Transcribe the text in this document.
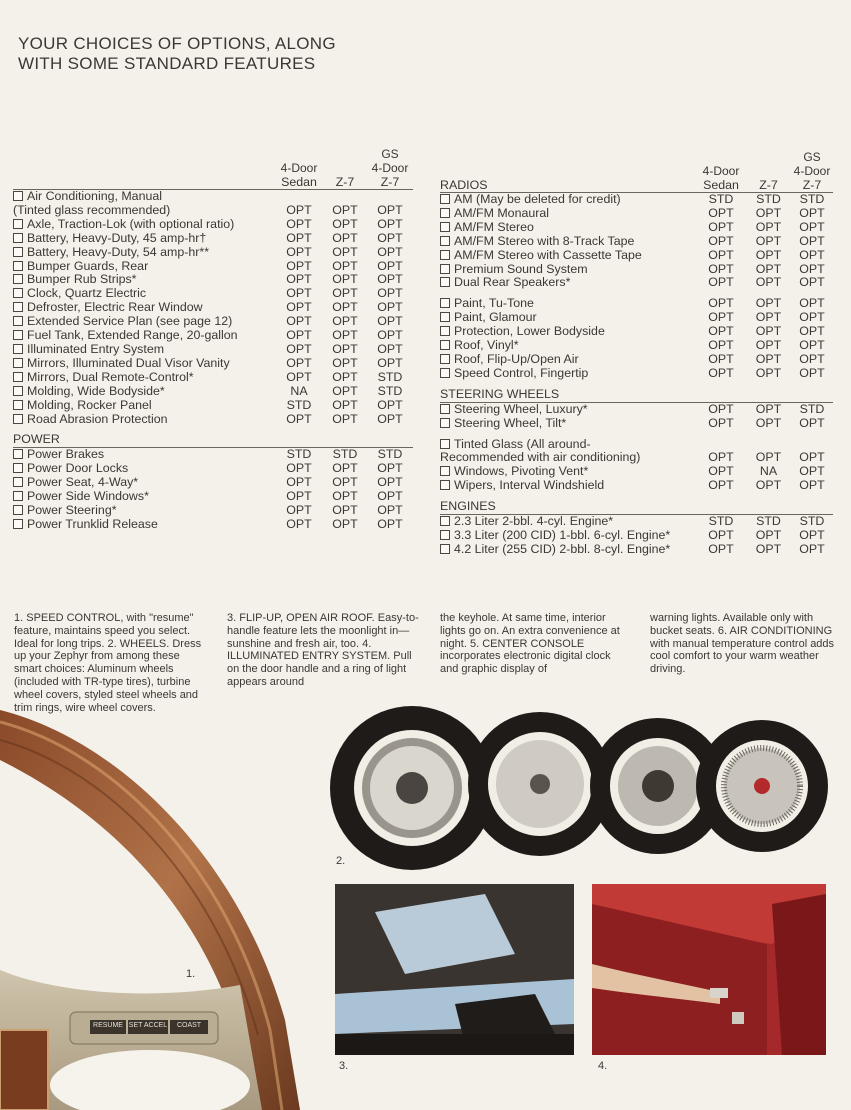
YOUR CHOICES OF OPTIONS, ALONG
WITH SOME STANDARD FEATURES
			GS
	4-Door		4-Door
	Sedan	Z-7	Z-7
Air Conditioning, Manual			
(Tinted glass recommended)	OPT	OPT	OPT
Axle, Traction-Lok (with optional ratio)	OPT	OPT	OPT
Battery, Heavy-Duty, 45 amp-hr†	OPT	OPT	OPT
Battery, Heavy-Duty, 54 amp-hr**	OPT	OPT	OPT
Bumper Guards, Rear	OPT	OPT	OPT
Bumper Rub Strips*	OPT	OPT	OPT
Clock, Quartz Electric	OPT	OPT	OPT
Defroster, Electric Rear Window	OPT	OPT	OPT
Extended Service Plan (see page 12)	OPT	OPT	OPT
Fuel Tank, Extended Range, 20-gallon	OPT	OPT	OPT
Illuminated Entry System	OPT	OPT	OPT
Mirrors, Illuminated Dual Visor Vanity	OPT	OPT	OPT
Mirrors, Dual Remote-Control*	OPT	OPT	STD
Molding, Wide Bodyside*	NA	OPT	STD
Molding, Rocker Panel	STD	OPT	OPT
Road Abrasion Protection	OPT	OPT	OPT
POWER			
Power Brakes	STD	STD	STD
Power Door Locks	OPT	OPT	OPT
Power Seat, 4-Way*	OPT	OPT	OPT
Power Side Windows*	OPT	OPT	OPT
Power Steering*	OPT	OPT	OPT
Power Trunklid Release	OPT	OPT	OPT
			GS
	4-Door		4-Door
RADIOS	Sedan	Z-7	Z-7
AM (May be deleted for credit)	STD	STD	STD
AM/FM Monaural	OPT	OPT	OPT
AM/FM Stereo	OPT	OPT	OPT
AM/FM Stereo with 8-Track Tape	OPT	OPT	OPT
AM/FM Stereo with Cassette Tape	OPT	OPT	OPT
Premium Sound System	OPT	OPT	OPT
Dual Rear Speakers*	OPT	OPT	OPT

Paint, Tu-Tone	OPT	OPT	OPT
Paint, Glamour	OPT	OPT	OPT
Protection, Lower Bodyside	OPT	OPT	OPT
Roof, Vinyl*	OPT	OPT	OPT
Roof, Flip-Up/Open Air	OPT	OPT	OPT
Speed Control, Fingertip	OPT	OPT	OPT
STEERING WHEELS			
Steering Wheel, Luxury*	OPT	OPT	STD
Steering Wheel, Tilt*	OPT	OPT	OPT

Tinted Glass (All around-			
Recommended with air conditioning)	OPT	OPT	OPT
Windows, Pivoting Vent*	OPT	NA	OPT
Wipers, Interval Windshield	OPT	OPT	OPT
ENGINES			
2.3 Liter 2-bbl. 4-cyl. Engine*	STD	STD	STD
3.3 Liter (200 CID) 1-bbl. 6-cyl. Engine*	OPT	OPT	OPT
4.2 Liter (255 CID) 2-bbl. 8-cyl. Engine*	OPT	OPT	OPT

1. SPEED CONTROL, with "resume" feature, maintains speed you select. Ideal for long trips. 2. WHEELS. Dress up your Zephyr from among these smart choices: Aluminum wheels (included with TR-type tires), turbine wheel covers, styled steel wheels and trim rings, wire wheel covers.

3. FLIP-UP, OPEN AIR ROOF. Easy-to-handle feature lets the moonlight in—sunshine and fresh air, too. 4. ILLUMINATED ENTRY SYSTEM. Pull on the door handle and a ring of light appears around

the keyhole. At same time, interior lights go on. An extra convenience at night. 5. CENTER CONSOLE incorporates electronic digital clock and graphic display of

warning lights. Available only with bucket seats. 6. AIR CONDITIONING with manual temperature control adds cool comfort to your warm weather driving.

RESUME SET ACCEL	COAST
1.
2.
3.	4.
